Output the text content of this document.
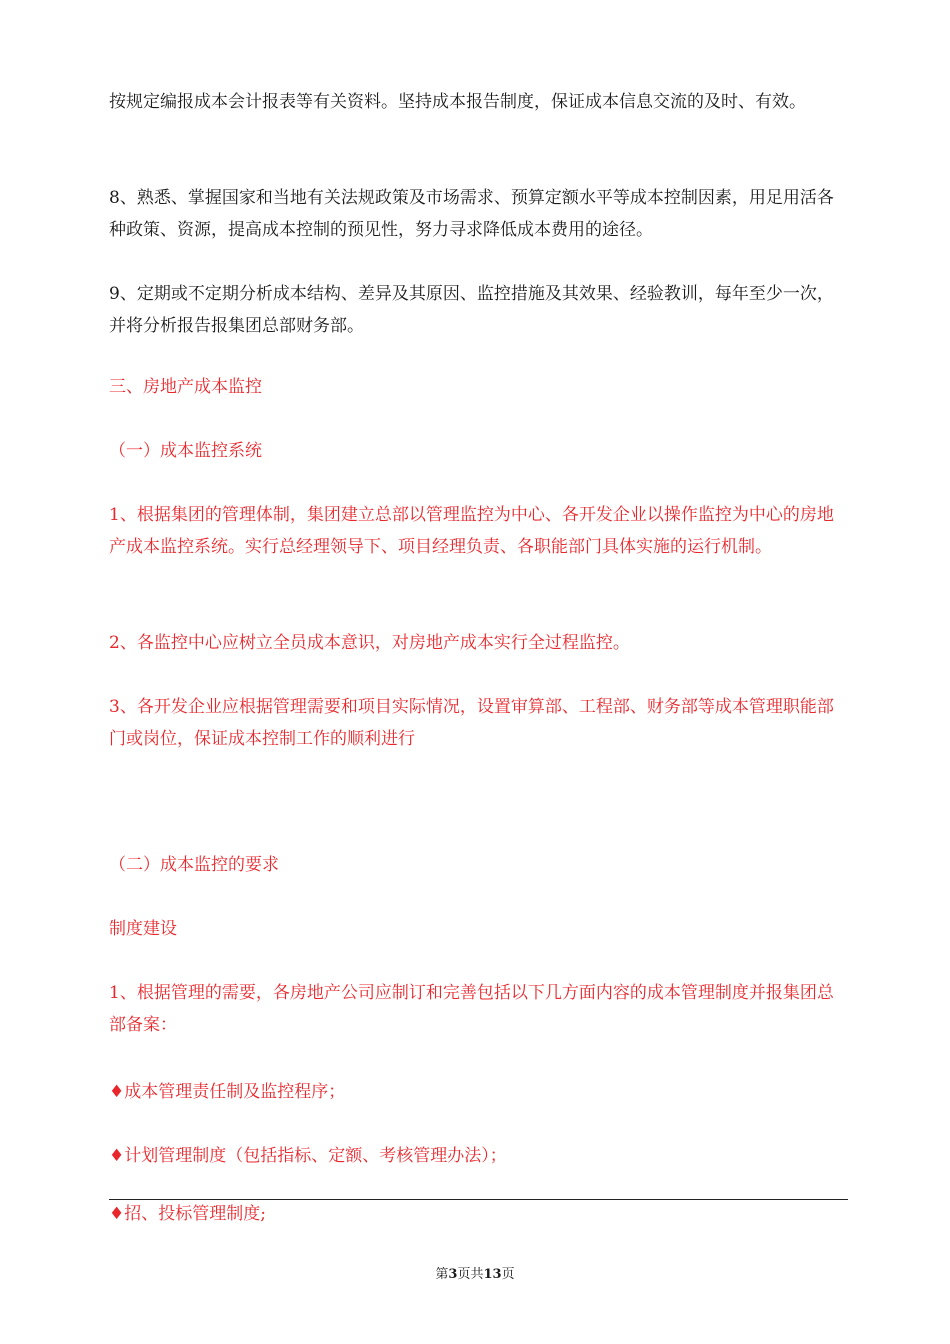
按规定编报成本会计报表等有关资料。坚持成本报告制度，保证成本信息交流的及时、有效。

8、熟悉、掌握国家和当地有关法规政策及市场需求、预算定额水平等成本控制因素，用足用活各种政策、资源，提高成本控制的预见性，努力寻求降低成本费用的途径。

9、定期或不定期分析成本结构、差异及其原因、监控措施及其效果、经验教训，每年至少一次，并将分析报告报集团总部财务部。

三、房地产成本监控

（一）成本监控系统

1、根据集团的管理体制，集团建立总部以管理监控为中心、各开发企业以操作监控为中心的房地产成本监控系统。实行总经理领导下、项目经理负责、各职能部门具体实施的运行机制。

2、各监控中心应树立全员成本意识，对房地产成本实行全过程监控。

3、各开发企业应根据管理需要和项目实际情况，设置审算部、工程部、财务部等成本管理职能部门或岗位，保证成本控制工作的顺利进行

（二）成本监控的要求

制度建设

1、根据管理的需要，各房地产公司应制订和完善包括以下几方面内容的成本管理制度并报集团总部备案：

♦成本管理责任制及监控程序；

♦计划管理制度（包括指标、定额、考核管理办法）；

♦招、投标管理制度;

第3页共13页
